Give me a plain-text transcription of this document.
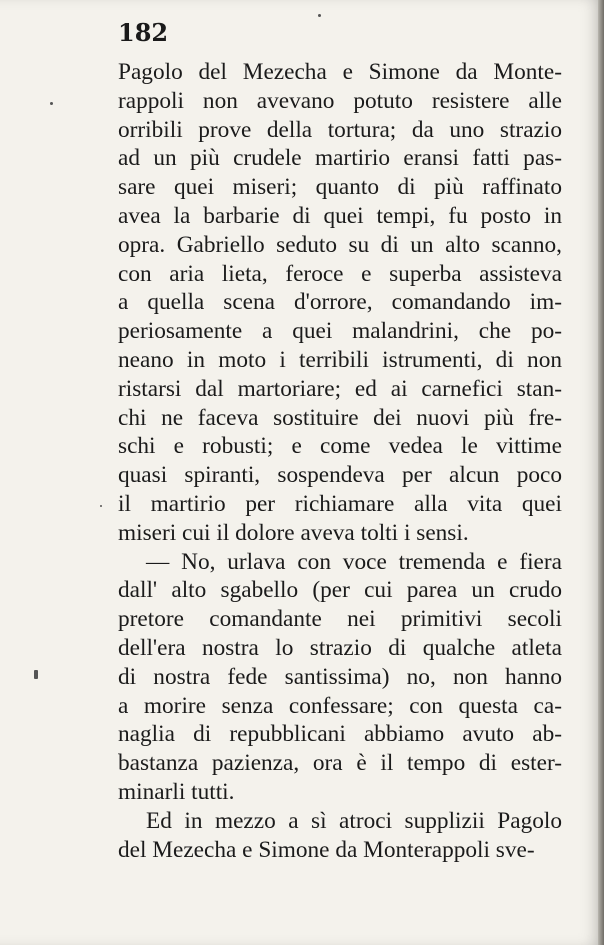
182

Pagolo del Mezecha e Simone da Monte-
rappoli non avevano potuto resistere alle
orribili prove della tortura; da uno strazio
ad un più crudele martirio eransi fatti pas-
sare quei miseri; quanto di più raffinato
avea la barbarie di quei tempi, fu posto in
opra. Gabriello seduto su di un alto scanno,
con aria lieta, feroce e superba assisteva
a quella scena d'orrore, comandando im-
periosamente a quei malandrini, che po-
neano in moto i terribili istrumenti, di non
ristarsi dal martoriare; ed ai carnefici stan-
chi ne faceva sostituire dei nuovi più fre-
schi e robusti; e come vedea le vittime
quasi spiranti, sospendeva per alcun poco
il martirio per richiamare alla vita quei
miseri cui il dolore aveva tolti i sensi.
— No, urlava con voce tremenda e fiera
dall' alto sgabello (per cui parea un crudo
pretore comandante nei primitivi secoli
dell'era nostra lo strazio di qualche atleta
di nostra fede santissima) no, non hanno
a morire senza confessare; con questa ca-
naglia di repubblicani abbiamo avuto ab-
bastanza pazienza, ora è il tempo di ester-
minarli tutti.
Ed in mezzo a sì atroci supplizii Pagolo
del Mezecha e Simone da Monterappoli sve-
